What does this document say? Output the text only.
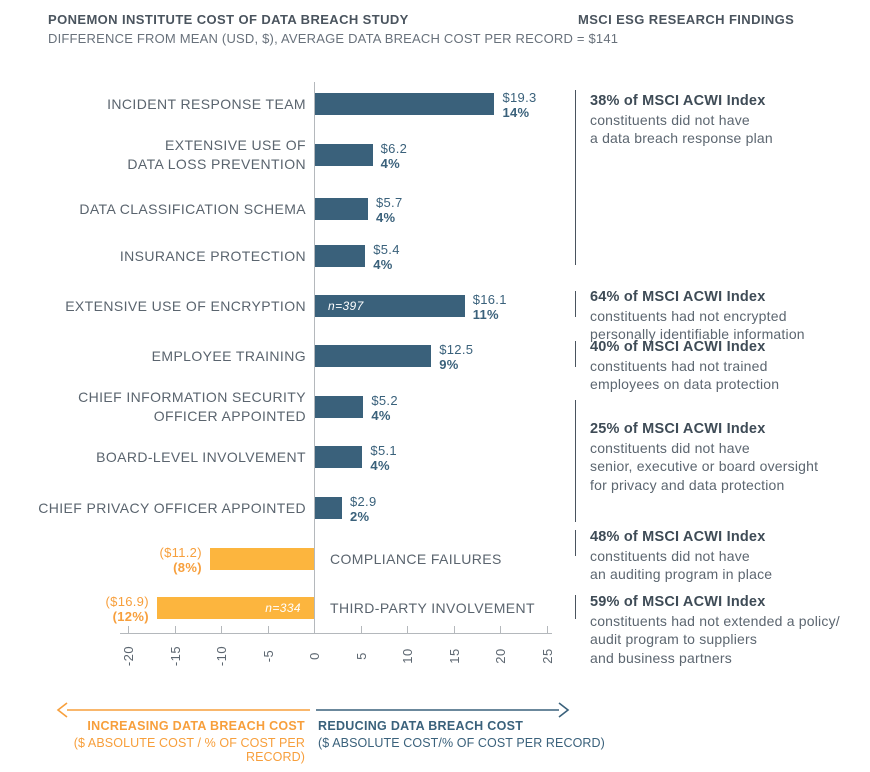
PONEMON INSTITUTE COST OF DATA BREACH STUDY
DIFFERENCE FROM MEAN (USD, $), AVERAGE DATA BREACH COST PER RECORD = $141
MSCI ESG RESEARCH FINDINGS
INCIDENT RESPONSE TEAM	$19.3
14%
EXTENSIVE USE OF
DATA LOSS PREVENTION
$6.2
4%
DATA CLASSIFICATION SCHEMA	$5.7
4%
INSURANCE PROTECTION	$5.4
4%
EXTENSIVE USE OF ENCRYPTION	$16.1
11%
n=397
EMPLOYEE TRAINING	$12.5
9%
CHIEF INFORMATION SECURITY
OFFICER APPOINTED
$5.2
4%
BOARD-LEVEL INVOLVEMENT	$5.1
4%
CHIEF PRIVACY OFFICER APPOINTED	$2.9
2%
COMPLIANCE FAILURES
($11.2)
(8%)
THIRD-PARTY INVOLVEMENT
($16.9)
(12%)
n=334
-20 -15 -10 -5 0 5 10 15 20 25
38% of MSCI ACWI Index
constituents did not have
a data breach response plan
64% of MSCI ACWI Index
constituents had not encrypted
personally identifiable information
40% of MSCI ACWI Index
constituents had not trained
employees on data protection
25% of MSCI ACWI Index
constituents did not have
senior, executive or board oversight
for privacy and data protection
48% of MSCI ACWI Index
constituents did not have
an auditing program in place
59% of MSCI ACWI Index
constituents had not extended a policy/
audit program to suppliers
and business partners
INCREASING DATA BREACH COST
($ ABSOLUTE COST / % OF COST PER RECORD)
REDUCING DATA BREACH COST
($ ABSOLUTE COST/% OF COST PER RECORD)
